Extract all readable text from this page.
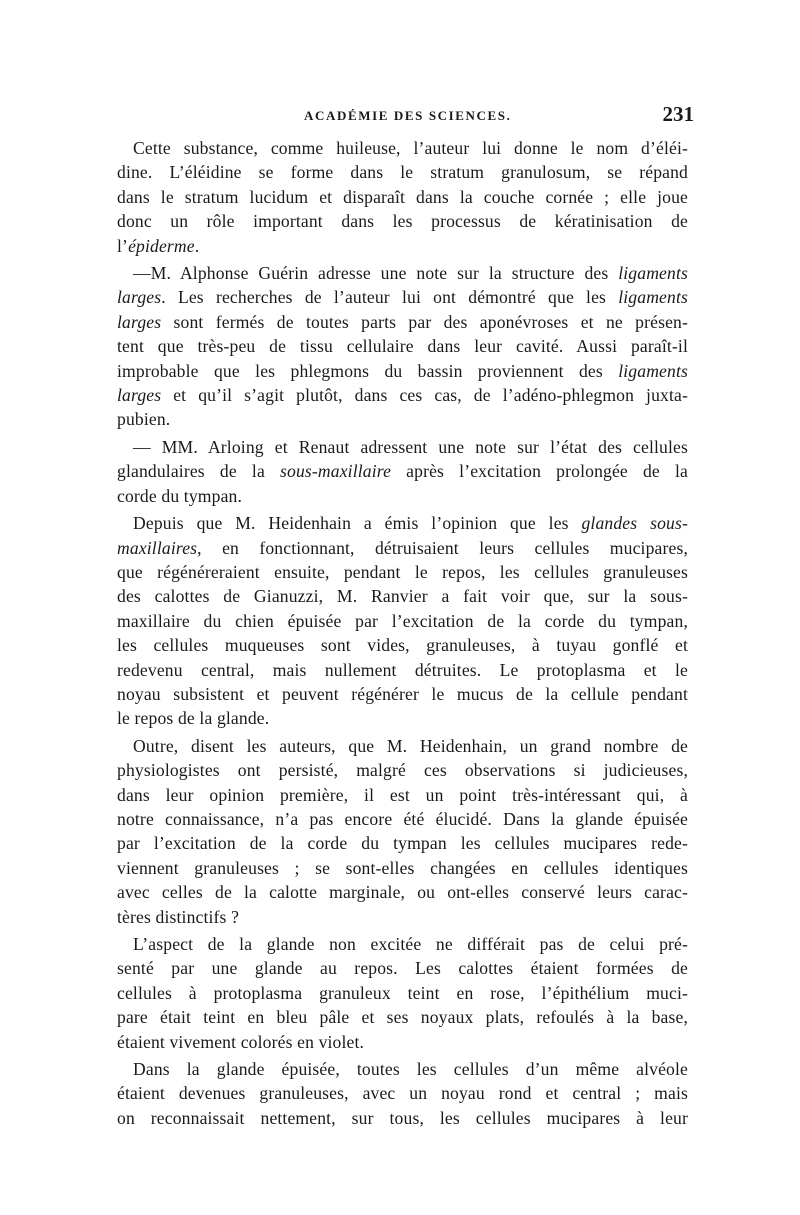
ACADÉMIE DES SCIENCES.	231
Cette substance, comme huileuse, l’auteur lui donne le nom d’éléi-
dine. L’éléidine se forme dans le stratum granulosum, se répand
dans le stratum lucidum et disparaît dans la couche cornée ; elle joue
donc un rôle important dans les processus de kératinisation de
l’épiderme.
—M. Alphonse Guérin adresse une note sur la structure des ligaments
larges. Les recherches de l’auteur lui ont démontré que les ligaments
larges sont fermés de toutes parts par des aponévroses et ne présen-
tent que très-peu de tissu cellulaire dans leur cavité. Aussi paraît-il
improbable que les phlegmons du bassin proviennent des ligaments
larges et qu’il s’agit plutôt, dans ces cas, de l’adéno-phlegmon juxta-
pubien.
— MM. Arloing et Renaut adressent une note sur l’état des cellules
glandulaires de la sous-maxillaire après l’excitation prolongée de la
corde du tympan.
Depuis que M. Heidenhain a émis l’opinion que les glandes sous-
maxillaires, en fonctionnant, détruisaient leurs cellules mucipares,
que régénéreraient ensuite, pendant le repos, les cellules granuleuses
des calottes de Gianuzzi, M. Ranvier a fait voir que, sur la sous-
maxillaire du chien épuisée par l’excitation de la corde du tympan,
les cellules muqueuses sont vides, granuleuses, à tuyau gonflé et
redevenu central, mais nullement détruites. Le protoplasma et le
noyau subsistent et peuvent régénérer le mucus de la cellule pendant
le repos de la glande.
Outre, disent les auteurs, que M. Heidenhain, un grand nombre de
physiologistes ont persisté, malgré ces observations si judicieuses,
dans leur opinion première, il est un point très-intéressant qui, à
notre connaissance, n’a pas encore été élucidé. Dans la glande épuisée
par l’excitation de la corde du tympan les cellules mucipares rede-
viennent granuleuses ; se sont-elles changées en cellules identiques
avec celles de la calotte marginale, ou ont-elles conservé leurs carac-
tères distinctifs ?
L’aspect de la glande non excitée ne différait pas de celui pré-
senté par une glande au repos. Les calottes étaient formées de
cellules à protoplasma granuleux teint en rose, l’épithélium muci-
pare était teint en bleu pâle et ses noyaux plats, refoulés à la base,
étaient vivement colorés en violet.
Dans la glande épuisée, toutes les cellules d’un même alvéole
étaient devenues granuleuses, avec un noyau rond et central ; mais
on reconnaissait nettement, sur tous, les cellules mucipares à leur
